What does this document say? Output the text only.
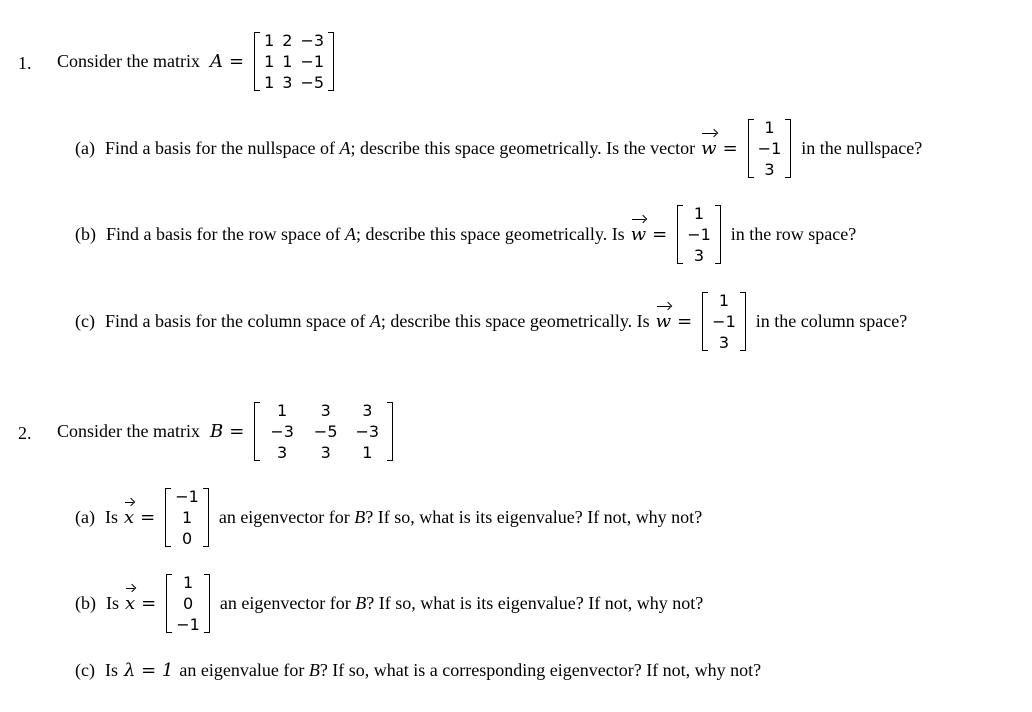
1. Consider the matrix A =
1	2	−3
1	1	−1
1	3	−5
(a) Find a basis for the nullspace of
A ; describe this space geometrically. Is the vector w =
1
−1
3
in the nullspace?
(b) Find a basis for the row space of
A ; describe this space geometrically. Is w =
1
−1
3
in the row space?
(c) Find a basis for the column space of
A ; describe this space geometrically. Is w =
1
−1
3
in the column space?
2. Consider the matrix B =
1	3	3
−3	−5	−3
3	3	1
(a) Is x =
−1
1
0
an eigenvector for
B ? If so, what is its eigenvalue? If not, why not?
(b) Is x =
1
0
−1
an eigenvector for
B ? If so, what is its eigenvalue? If not, why not?
(c) Is λ = 1 an eigenvalue for
B ? If so, what is a corresponding eigenvector? If not, why not?
